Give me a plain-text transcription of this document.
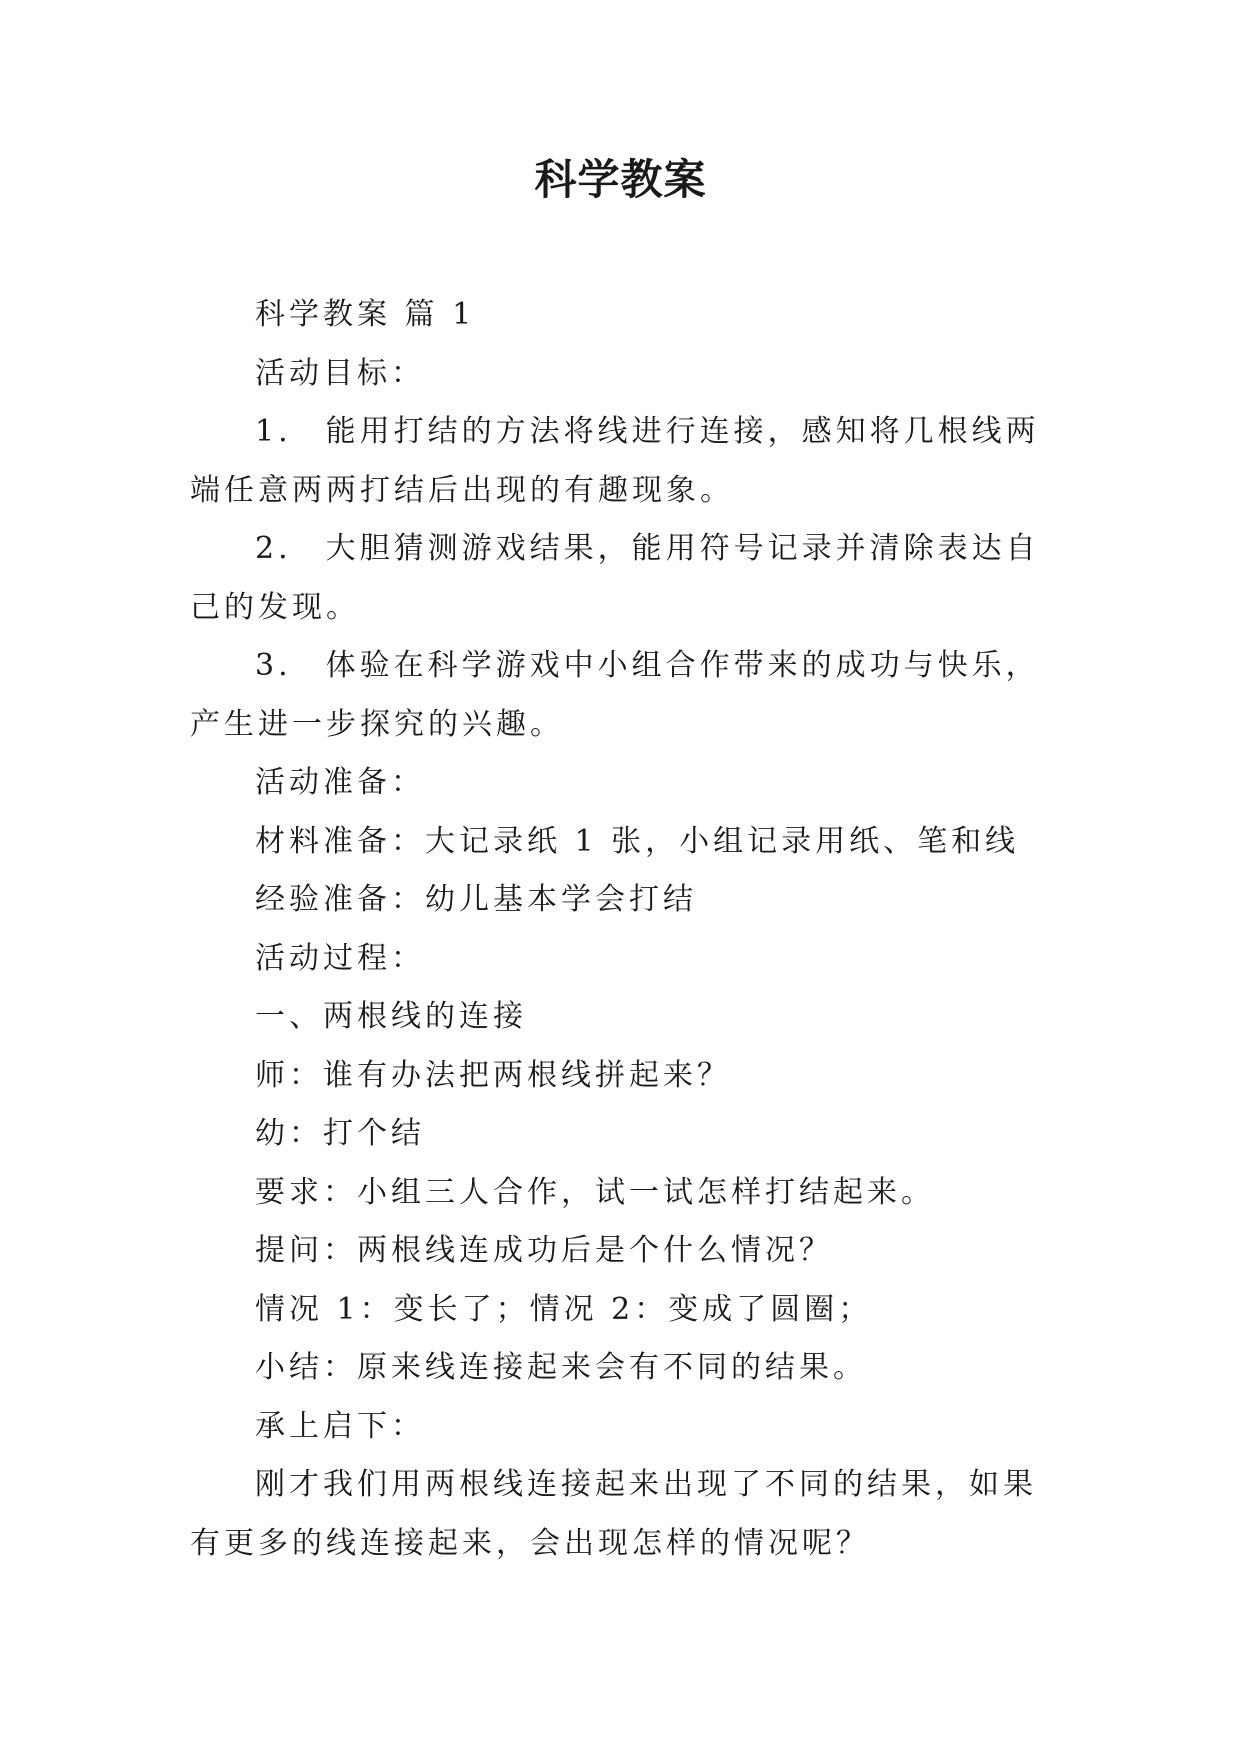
科学教案

科学教案 篇 1

活动目标：

1.　能用打结的方法将线进行连接，感知将几根线两端任意两两打结后出现的有趣现象。

2.　大胆猜测游戏结果，能用符号记录并清除表达自己的发现。

3.　体验在科学游戏中小组合作带来的成功与快乐，产生进一步探究的兴趣。

活动准备：

材料准备：大记录纸 1 张，小组记录用纸、笔和线

经验准备：幼儿基本学会打结

活动过程：

一、两根线的连接

师：谁有办法把两根线拼起来？

幼：打个结

要求：小组三人合作，试一试怎样打结起来。

提问：两根线连成功后是个什么情况？

情况 1：变长了；情况 2：变成了圆圈；

小结：原来线连接起来会有不同的结果。

承上启下：

刚才我们用两根线连接起来出现了不同的结果，如果有更多的线连接起来，会出现怎样的情况呢？
